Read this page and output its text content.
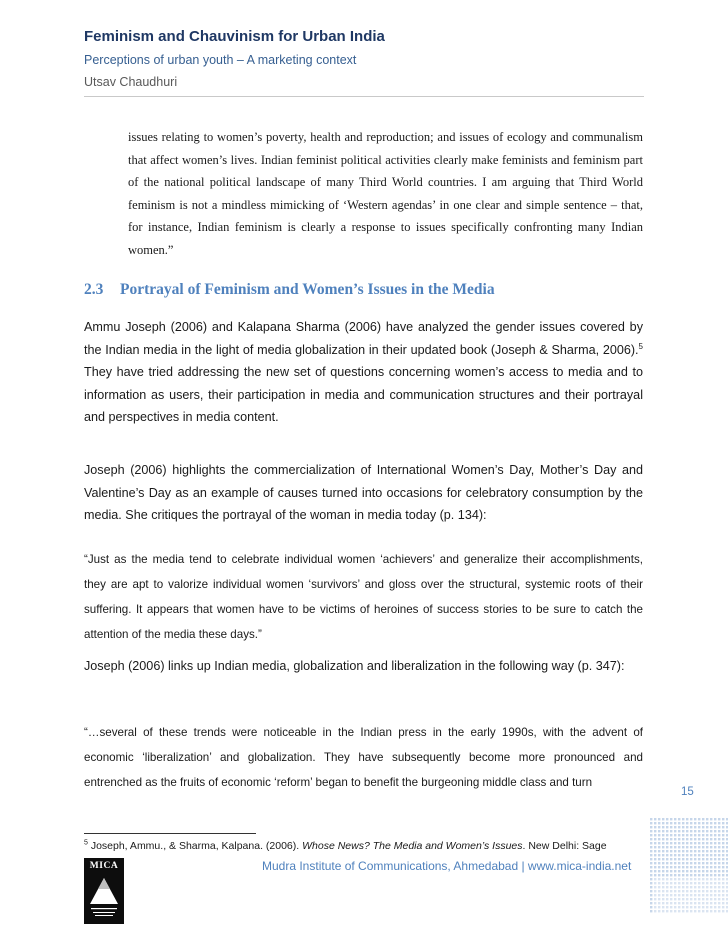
Feminism and Chauvinism for Urban India
Perceptions of urban youth – A marketing context
Utsav Chaudhuri
issues relating to women’s poverty, health and reproduction; and issues of ecology and communalism that affect women’s lives. Indian feminist political activities clearly make feminists and feminism part of the national political landscape of many Third World countries. I am arguing that Third World feminism is not a mindless mimicking of ‘Western agendas’ in one clear and simple sentence – that, for instance, Indian feminism is clearly a response to issues specifically confronting many Indian women.”
2.3 Portrayal of Feminism and Women’s Issues in the Media

Ammu Joseph (2006) and Kalapana Sharma (2006) have analyzed the gender issues covered by the Indian media in the light of media globalization in their updated book (Joseph & Sharma, 2006).$^5$ They have tried addressing the new set of questions concerning women’s access to media and to information as users, their participation in media and communication structures and their portrayal and perspectives in media content.

Joseph (2006) highlights the commercialization of International Women’s Day, Mother’s Day and Valentine’s Day as an example of causes turned into occasions for celebratory consumption by the media. She critiques the portrayal of the woman in media today (p. 134):

“Just as the media tend to celebrate individual women ‘achievers’ and generalize their accomplishments, they are apt to valorize individual women ‘survivors’ and gloss over the structural, systemic roots of their suffering. It appears that women have to be victims of heroines of success stories to be sure to catch the attention of the media these days.”

Joseph (2006) links up Indian media, globalization and liberalization in the following way (p. 347):

“…several of these trends were noticeable in the Indian press in the early 1990s, with the advent of economic ‘liberalization’ and globalization. They have subsequently become more pronounced and entrenched as the fruits of economic ‘reform’ began to benefit the burgeoning middle class and turn

15
$^5$ Joseph, Ammu., & Sharma, Kalpana. (2006). Whose News? The Media and Women’s Issues. New Delhi: Sage
MICA	Mudra Institute of Communications, Ahmedabad | www.mica-india.net
